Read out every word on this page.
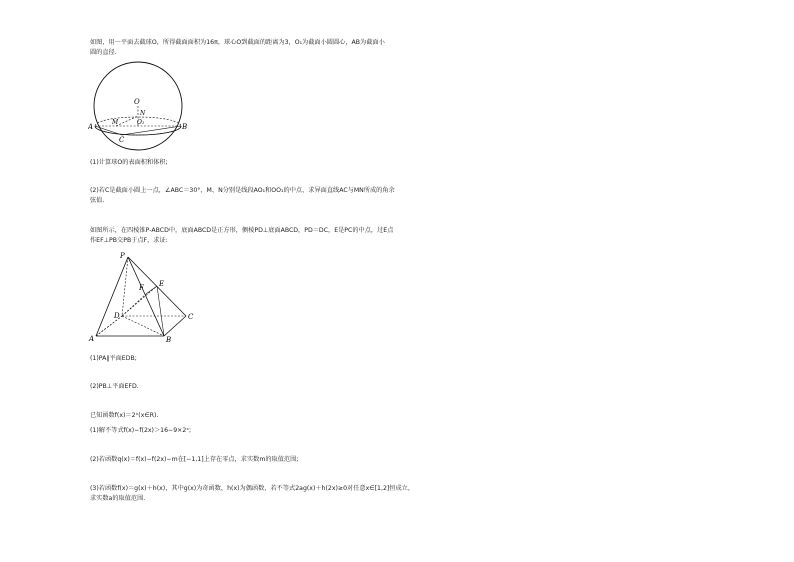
如图，用一平面去截球O，所得截面面积为16π，球心O到截面的距离为3，O₁为截面小圆圆心，AB为截面小
圆的直径.
O
N
M	O₁
A	B
C
(1)计算球O的表面积和体积;
(2)若C是截面小圆上一点，∠ABC＝30°，M、N分别是线段AO₁和OO₁的中点，求异面直线AC与MN所成的角余
弦值.
如图所示，在四棱锥P-ABCD中，底面ABCD是正方形，侧棱PD⊥底面ABCD，PD＝DC，E是PC的中点，过E点
作EF⊥PB交PB于点F，求证:
P
F E
D	C
A	B
(1)PA∥平面EDB;
(2)PB⊥平面EFD.
已知函数f(x)＝2ˣ(x∈R).
(1)解不等式f(x)−f(2x)＞16−9×2ˣ;
(2)若函数q(x)＝f(x)−f(2x)−m在[−1,1]上存在零点，求实数m的取值范围;
(3)若函数f(x)＝g(x)＋h(x)，其中g(x)为奇函数，h(x)为偶函数，若不等式2ag(x)＋h(2x)≥0对任意x∈[1,2]恒成立，
求实数a的取值范围.
